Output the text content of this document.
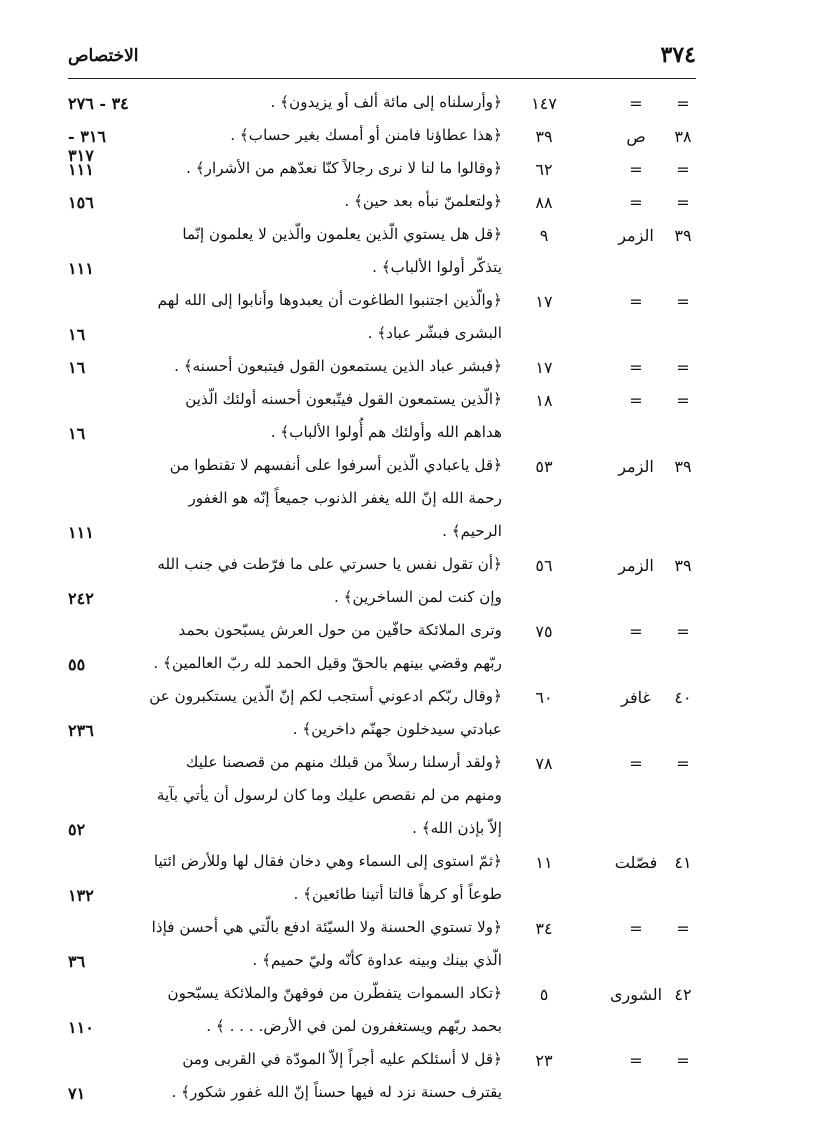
٣٧٤
الاختصاص
=
=
١٤٧
﴿وأرسلناه إلى مائة ألف أو يزيدون﴾ .
٣٤ - ٢٧٦
٣٨
ص
٣٩
﴿هذا عطاؤنا فامنن أو أمسك بغير حساب﴾ .
٣١٦ - ٣١٧
=
=
٦٢
﴿وقالوا ما لنا لا نرى رجالاً كنّا نعدّهم من الأشرار﴾ .
١١١
=
=
٨٨
﴿ولتعلمنّ نبأه بعد حين﴾ .
١٥٦
٣٩
الزمر
٩
﴿قل هل يستوي الّذين يعلمون والّذين لا يعلمون إنّما
يتذكّر أولوا الألباب﴾ .
١١١
=
=
١٧
﴿والّذين اجتنبوا الطاغوت أن يعبدوها وأنابوا إلى الله لهم
البشرى فبشّر عباد﴾ .
١٦
=
=
١٧
﴿فبشر عباد الذين يستمعون القول فيتبعون أحسنه﴾ .
١٦
=
=
١٨
﴿الّذين يستمعون القول فيتّبعون أحسنه أولئك الّذين
هداهم الله وأولئك هم أُولوا الألباب﴾ .
١٦
٣٩
الزمر
٥٣
﴿قل ياعبادي الّذين أسرفوا على أنفسهم لا تقنطوا من
رحمة الله إنّ الله يغفر الذنوب جميعاً إنّه هو الغفور
الرحيم﴾ .
١١١
٣٩
الزمر
٥٦
﴿أن تقول نفس يا حسرتي على ما فرّطت في جنب الله
وإن كنت لمن الساخرين﴾ .
٢٤٢
=
=
٧٥
وترى الملائكة حافّين من حول العرش يسبّحون بحمد
ربّهم وقضي بينهم بالحقّ وقيل الحمد لله ربّ العالمين﴾ .
٥٥
٤٠
غافر
٦٠
﴿وقال ربّكم ادعوني أستجب لكم إنّ الّذين يستكبرون عن
عبادتي سيدخلون جهنّم داخرين﴾ .
٢٣٦
=
=
٧٨
﴿ولقد أرسلنا رسلاً من قبلك منهم من قصصنا عليك
ومنهم من لم نقصص عليك وما كان لرسول أن يأتي بآية
إلاّ بإذن الله﴾ .
٥٢
٤١
فصّلت
١١
﴿ثمّ استوى إلى السماء وهي دخان فقال لها وللأرض ائتيا
طوعاً أو كرهاً قالتا أتينا طائعين﴾ .
١٣٢
=
=
٣٤
﴿ولا تستوي الحسنة ولا السيّئة ادفع بالّتي هي أحسن فإذا
الّذي بينك وبينه عداوة كأنّه وليّ حميم﴾ .
٣٦
٤٢
الشورى
٥
﴿تكاد السموات يتفطّرن من فوقهنّ والملائكة يسبّحون
بحمد ربّهم ويستغفرون لمن في الأرض. . . . ﴾ .
١١٠
=
=
٢٣
﴿قل لا أسئلكم عليه أجراً إلاّ المودّة في القربى ومن
يقترف حسنة نزد له فيها حسناً إنّ الله غفور شكور﴾ .
٧١
